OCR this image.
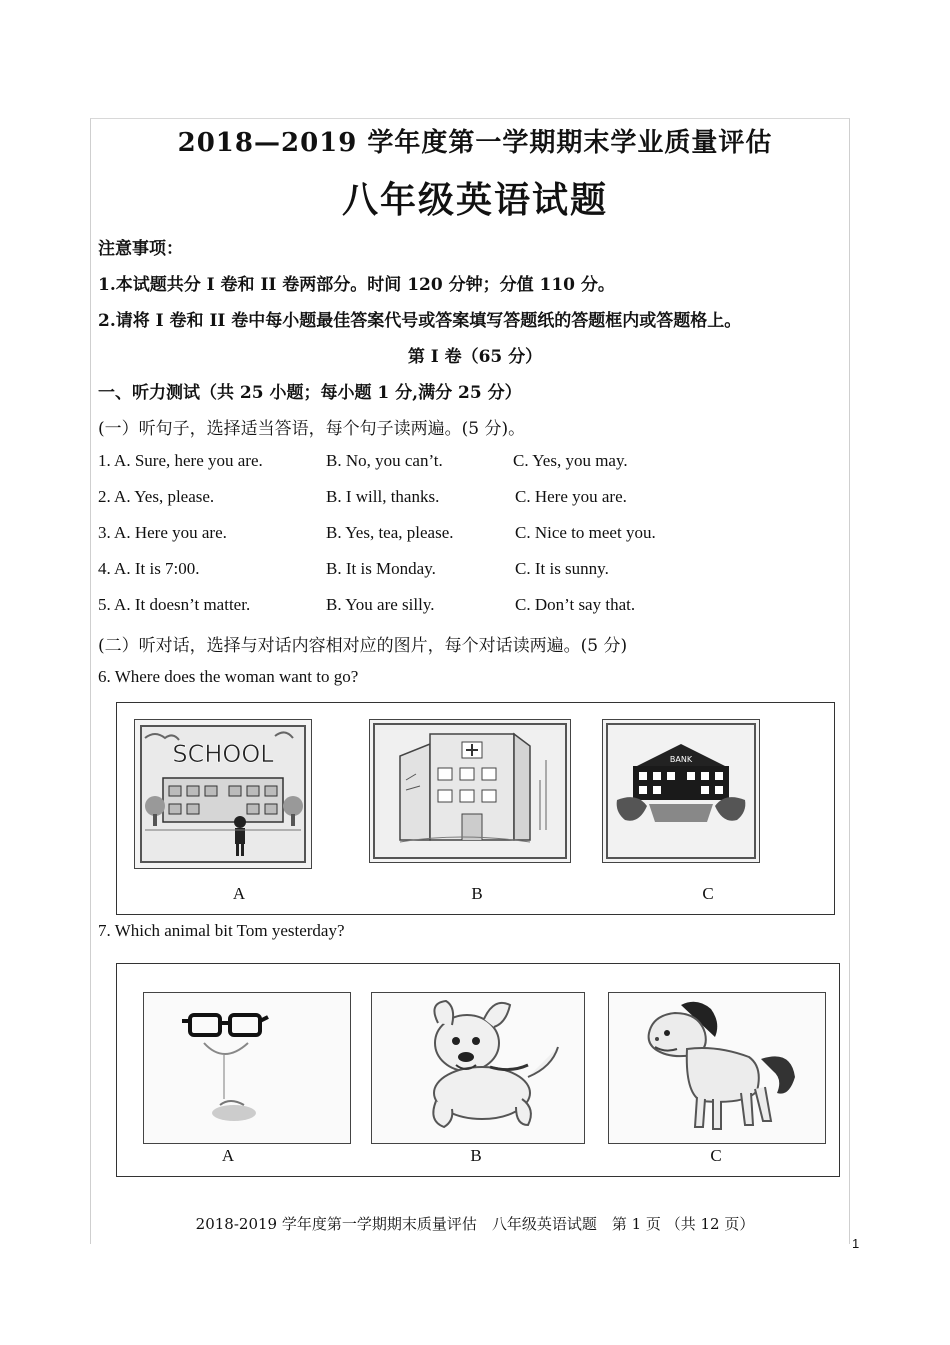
2018—2019 学年度第一学期期末学业质量评估
八年级英语试题
注意事项：
1.本试题共分 I 卷和 II 卷两部分。时间 120 分钟；分值 110 分。
2.请将 I 卷和 II 卷中每小题最佳答案代号或答案填写答题纸的答题框内或答题格上。
第 I 卷（65 分）
一、听力测试（共 25 小题；每小题 1 分,满分 25 分）
(一）听句子，选择适当答语，每个句子读两遍。(5 分)。
1. A. Sure, here you are.	B. No, you can’t.	C. Yes, you may.
2. A. Yes, please.	B. I will, thanks.	C. Here you are.
3. A. Here you are.	B. Yes, tea, please.	C. Nice to meet you.
4. A. It is 7:00.	B. It is Monday.	C. It is sunny.
5. A. It doesn’t matter.	B. You are silly.	C. Don’t say that.
(二）听对话，选择与对话内容相对应的图片，每个对话读两遍。(5 分)
6. Where does the woman want to go?
SCHOOL
A	B
BANK
C
7. Which animal bit Tom yesterday?
A	B	C
2018-2019 学年度第一学期期末质量评估　八年级英语试题　第 1 页 （共 12 页）
1
